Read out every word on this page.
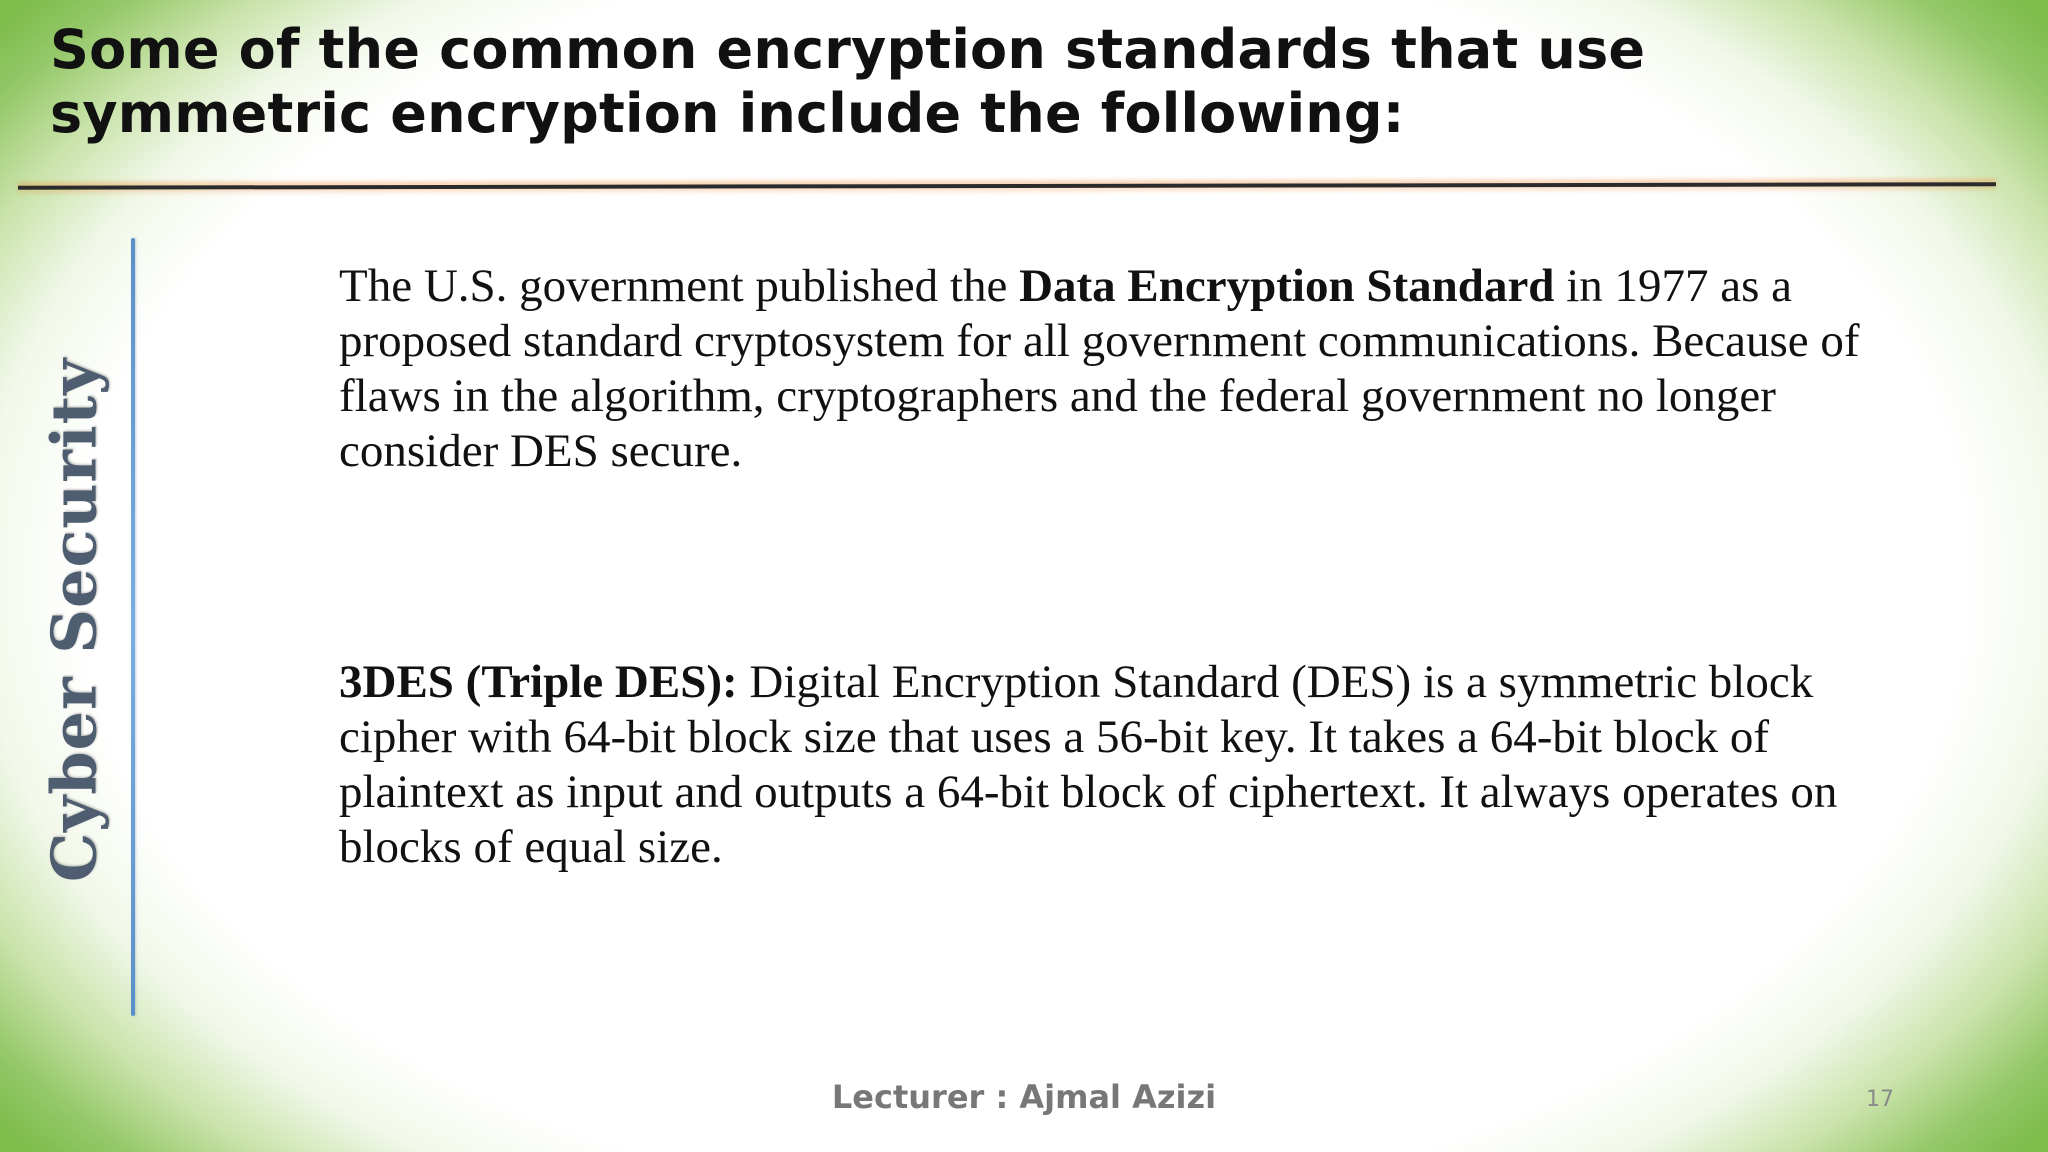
Some of the common encryption standards that use symmetric encryption include the following:
Cyber Security

The U.S. government published the Data Encryption Standard in 1977 as a proposed standard cryptosystem for all government communications. Because of flaws in the algorithm, cryptographers and the federal government no longer consider DES secure.

3DES (Triple DES): Digital Encryption Standard (DES) is a symmetric block cipher with 64-bit block size that uses a 56-bit key. It takes a 64-bit block of plaintext as input and outputs a 64-bit block of ciphertext. It always operates on blocks of equal size.

Lecturer : Ajmal Azizi	17
